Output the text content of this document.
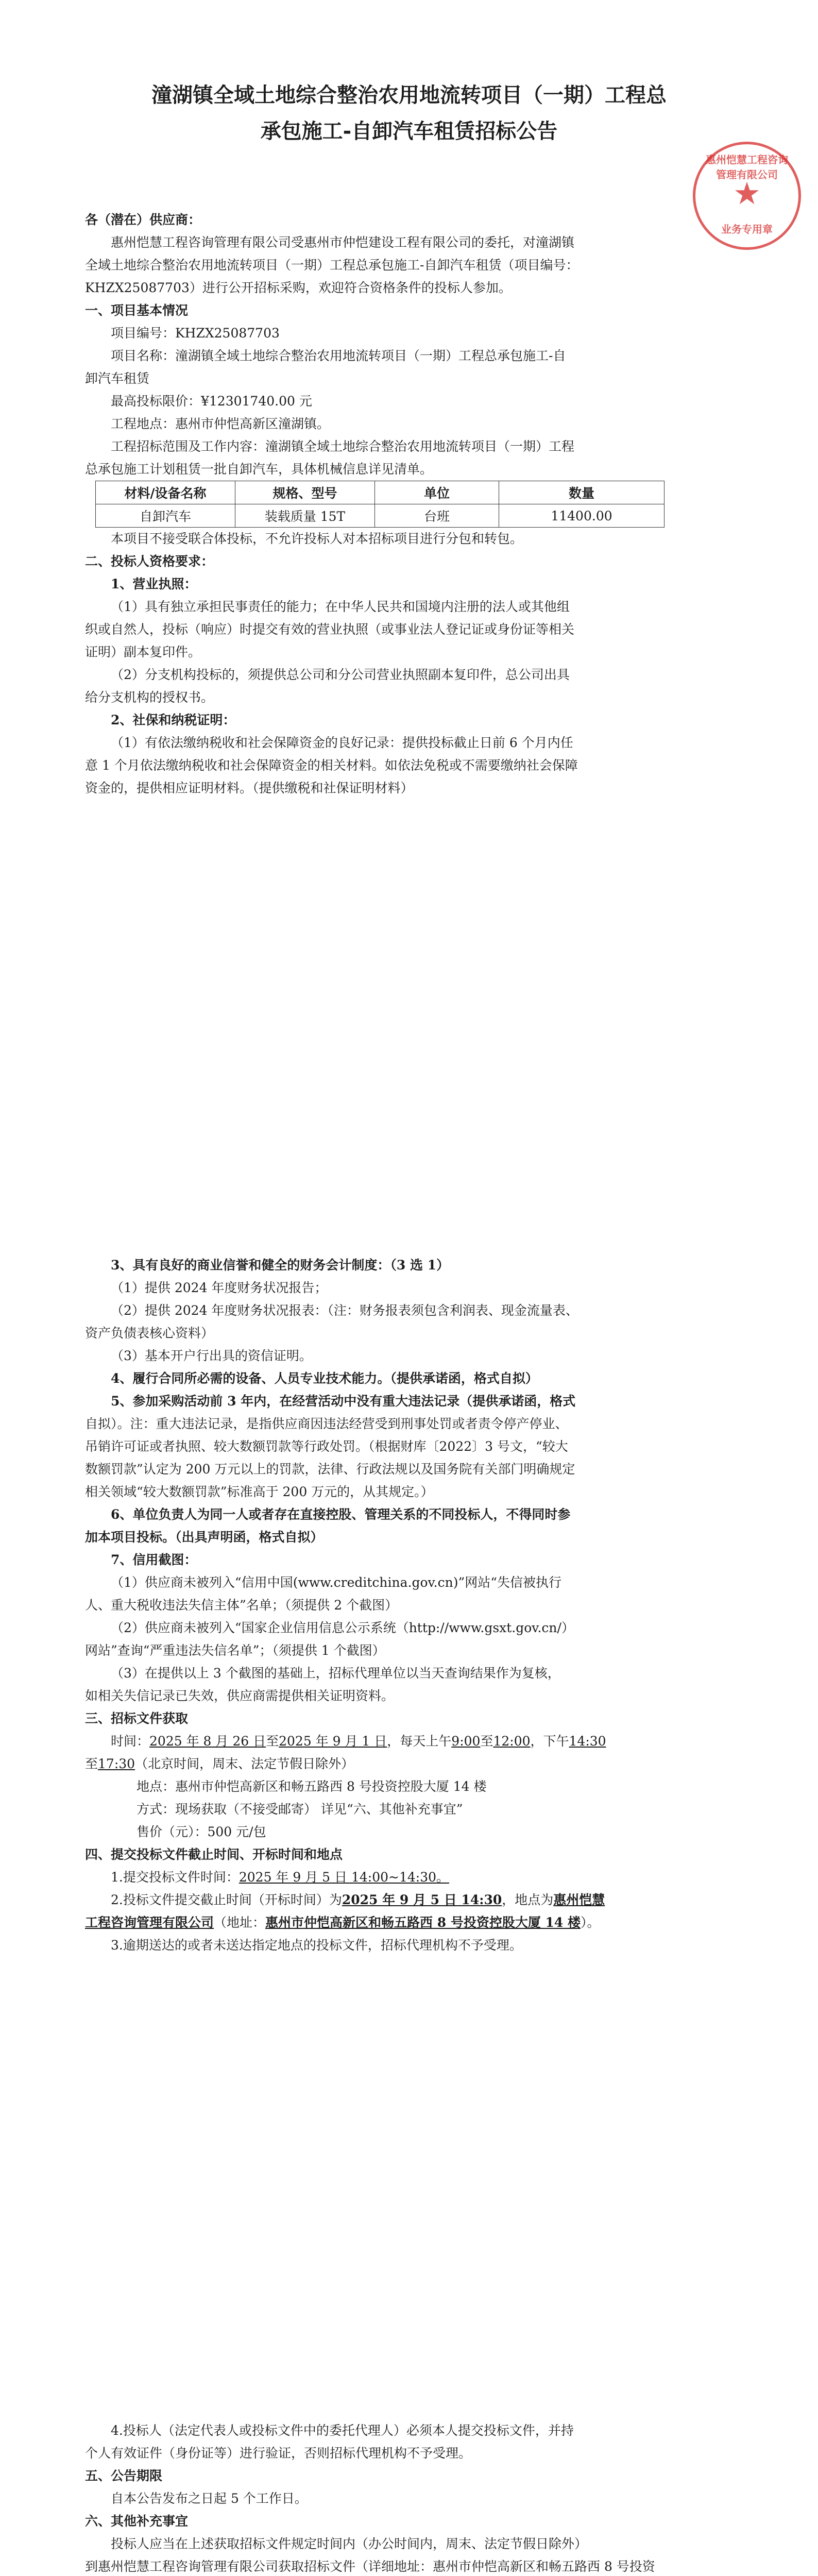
潼湖镇全域土地综合整治农用地流转项目（一期）工程总

承包施工-自卸汽车租赁招标公告

各（潜在）供应商：

惠州恺慧工程咨询管理有限公司受惠州市仲恺建设工程有限公司的委托，对潼湖镇

全域土地综合整治农用地流转项目（一期）工程总承包施工-自卸汽车租赁（项目编号：

KHZX25087703）进行公开招标采购，欢迎符合资格条件的投标人参加。

一、项目基本情况

项目编号：KHZX25087703

项目名称：潼湖镇全域土地综合整治农用地流转项目（一期）工程总承包施工-自

卸汽车租赁

最高投标限价：¥12301740.00 元

工程地点：惠州市仲恺高新区潼湖镇。

工程招标范围及工作内容：潼湖镇全域土地综合整治农用地流转项目（一期）工程

总承包施工计划租赁一批自卸汽车，具体机械信息详见清单。

材料/设备名称	规格、型号	单位	数量
自卸汽车	装载质量 15T	台班	11400.00

本项目不接受联合体投标，不允许投标人对本招标项目进行分包和转包。

二、投标人资格要求：

1、营业执照：

（1）具有独立承担民事责任的能力；在中华人民共和国境内注册的法人或其他组

织或自然人，投标（响应）时提交有效的营业执照（或事业法人登记证或身份证等相关

证明）副本复印件。

（2）分支机构投标的，须提供总公司和分公司营业执照副本复印件，总公司出具

给分支机构的授权书。

2、社保和纳税证明：

（1）有依法缴纳税收和社会保障资金的良好记录：提供投标截止日前 6 个月内任

意 1 个月依法缴纳税收和社会保障资金的相关材料。如依法免税或不需要缴纳社会保障

资金的，提供相应证明材料。（提供缴税和社保证明材料）

惠州恺慧工程咨询管理有限公司
★
业务专用章

3、具有良好的商业信誉和健全的财务会计制度：（3 选 1）

（1）提供 2024 年度财务状况报告；

（2）提供 2024 年度财务状况报表：（注：财务报表须包含利润表、现金流量表、

资产负债表核心资料）

（3）基本开户行出具的资信证明。

4、履行合同所必需的设备、人员专业技术能力。（提供承诺函，格式自拟）

5、参加采购活动前 3 年内，在经营活动中没有重大违法记录（提供承诺函，格式

自拟）。注：重大违法记录，是指供应商因违法经营受到刑事处罚或者责令停产停业、

吊销许可证或者执照、较大数额罚款等行政处罚。（根据财库〔2022〕3 号文，“较大

数额罚款”认定为 200 万元以上的罚款，法律、行政法规以及国务院有关部门明确规定

相关领域“较大数额罚款”标准高于 200 万元的，从其规定。）

6、单位负责人为同一人或者存在直接控股、管理关系的不同投标人，不得同时参

加本项目投标。（出具声明函，格式自拟）

7、信用截图：

（1）供应商未被列入“信用中国(www.creditchina.gov.cn)”网站“失信被执行

人、重大税收违法失信主体”名单；（须提供 2 个截图）

（2）供应商未被列入“国家企业信用信息公示系统（http://www.gsxt.gov.cn/）

网站”查询“严重违法失信名单”；（须提供 1 个截图）

（3）在提供以上 3 个截图的基础上，招标代理单位以当天查询结果作为复核，

如相关失信记录已失效，供应商需提供相关证明资料。

三、招标文件获取

时间：2025 年 8 月 26 日至2025 年 9 月 1 日，每天上午9:00至12:00，下午14:30

至17:30（北京时间，周末、法定节假日除外）

地点：惠州市仲恺高新区和畅五路西 8 号投资控股大厦 14 楼

方式：现场获取（不接受邮寄） 详见“六、其他补充事宜”

售价（元）：500 元/包

四、提交投标文件截止时间、开标时间和地点

1.提交投标文件时间：2025 年 9 月 5 日 14:00~14:30。

2.投标文件提交截止时间（开标时间）为2025 年 9 月 5 日 14:30，地点为惠州恺慧

工程咨询管理有限公司（地址：惠州市仲恺高新区和畅五路西 8 号投资控股大厦 14 楼）。

3.逾期送达的或者未送达指定地点的投标文件，招标代理机构不予受理。

4.投标人（法定代表人或投标文件中的委托代理人）必须本人提交投标文件，并持

个人有效证件（身份证等）进行验证，否则招标代理机构不予受理。

五、公告期限

自本公告发布之日起 5 个工作日。

六、其他补充事宜

投标人应当在上述获取招标文件规定时间内（办公时间内，周末、法定节假日除外）

到惠州恺慧工程咨询管理有限公司获取招标文件（详细地址：惠州市仲恺高新区和畅五路西 8 号投资
